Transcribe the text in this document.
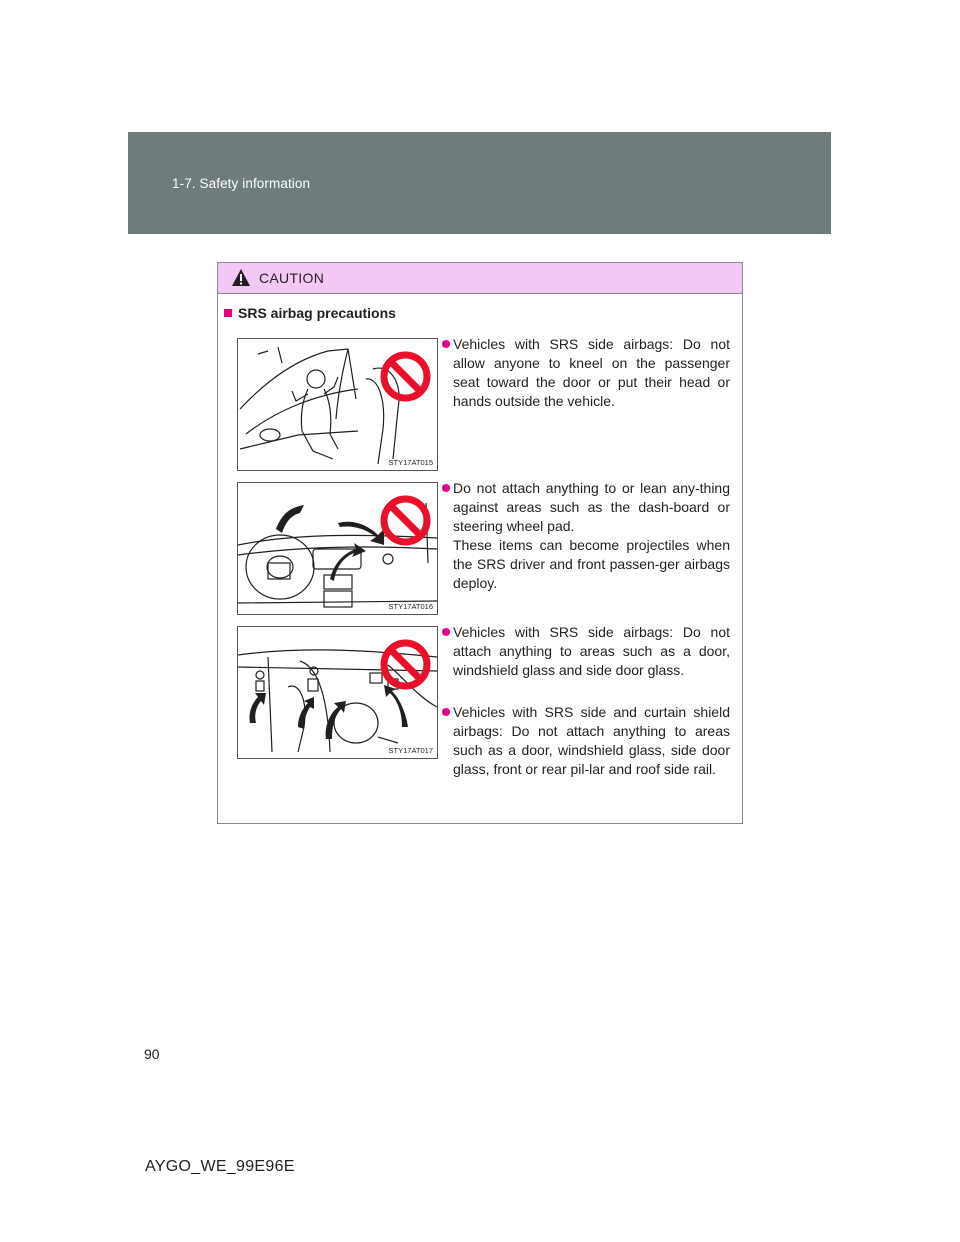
1-7. Safety information
CAUTION
SRS airbag precautions
STY17AT015
STY17AT016
STY17AT017

Vehicles with SRS side airbags: Do not allow anyone to kneel on the passenger seat toward the door or put their head or hands outside the vehicle.

Do not attach anything to or lean any-thing against areas such as the dash-board or steering wheel pad.

These items can become projectiles when the SRS driver and front passen-ger airbags deploy.

Vehicles with SRS side airbags: Do not attach anything to areas such as a door, windshield glass and side door glass.

Vehicles with SRS side and curtain shield airbags: Do not attach anything to areas such as a door, windshield glass, side door glass, front or rear pil-lar and roof side rail.

90
AYGO_WE_99E96E
